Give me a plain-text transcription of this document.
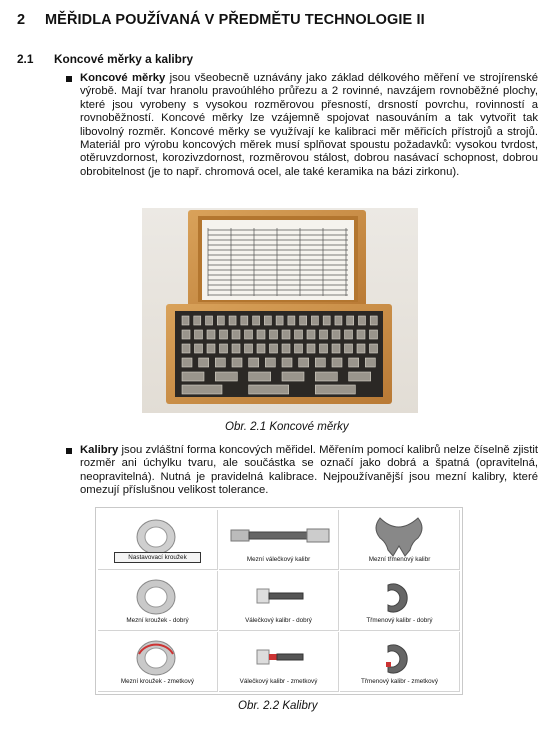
2 MĚŘIDLA POUŽÍVANÁ V PŘEDMĚTU TECHNOLOGIE II
2.1 Koncové měrky a kalibry
Koncové měrky jsou všeobecně uznávány jako základ délkového měření ve strojírenské výrobě. Mají tvar hranolu pravoúhlého průřezu a 2 rovinné, navzájem rovnoběžné plochy, které jsou vyrobeny s vysokou rozměrovou přesností, drsností povrchu, rovinností a rovnoběžností. Koncové měrky lze vzájemně spojovat nasouváním a tak vytvořit tak libovolný rozměr. Koncové měrky se využívají ke kalibraci měr měřicích přístrojů a strojů. Materiál pro výrobu koncových měrek musí splňovat spoustu požadavků: vysokou tvrdost, otěruvzdornost, korozivzdornost, rozměrovou stálost, dobrou nasávací schopnost, dobrou obrobitelnost (je to např. chromová ocel, ale také keramika na bázi zirkonu).
Obr. 2.1 Koncové měrky
Kalibry jsou zvláštní forma koncových měřidel. Měřením pomocí kalibrů nelze číselně zjistit rozměr ani úchylku tvaru, ale součástka se označí jako dobrá a špatná (opravitelná, neopravitelná). Nutná je pravidelná kalibrace. Nejpoužívanější jsou mezní kalibry, které omezují příslušnou velikost tolerance.
Nastavovací kroužek	Mezní válečkový kalibr	Mezní třmenový kalibr
Mezní kroužek - dobrý	Válečkový kalibr - dobrý	Třmenový kalibr - dobrý
Mezní kroužek - zmetkový	Válečkový kalibr - zmetkový	Třmenový kalibr - zmetkový
Obr. 2.2 Kalibry
